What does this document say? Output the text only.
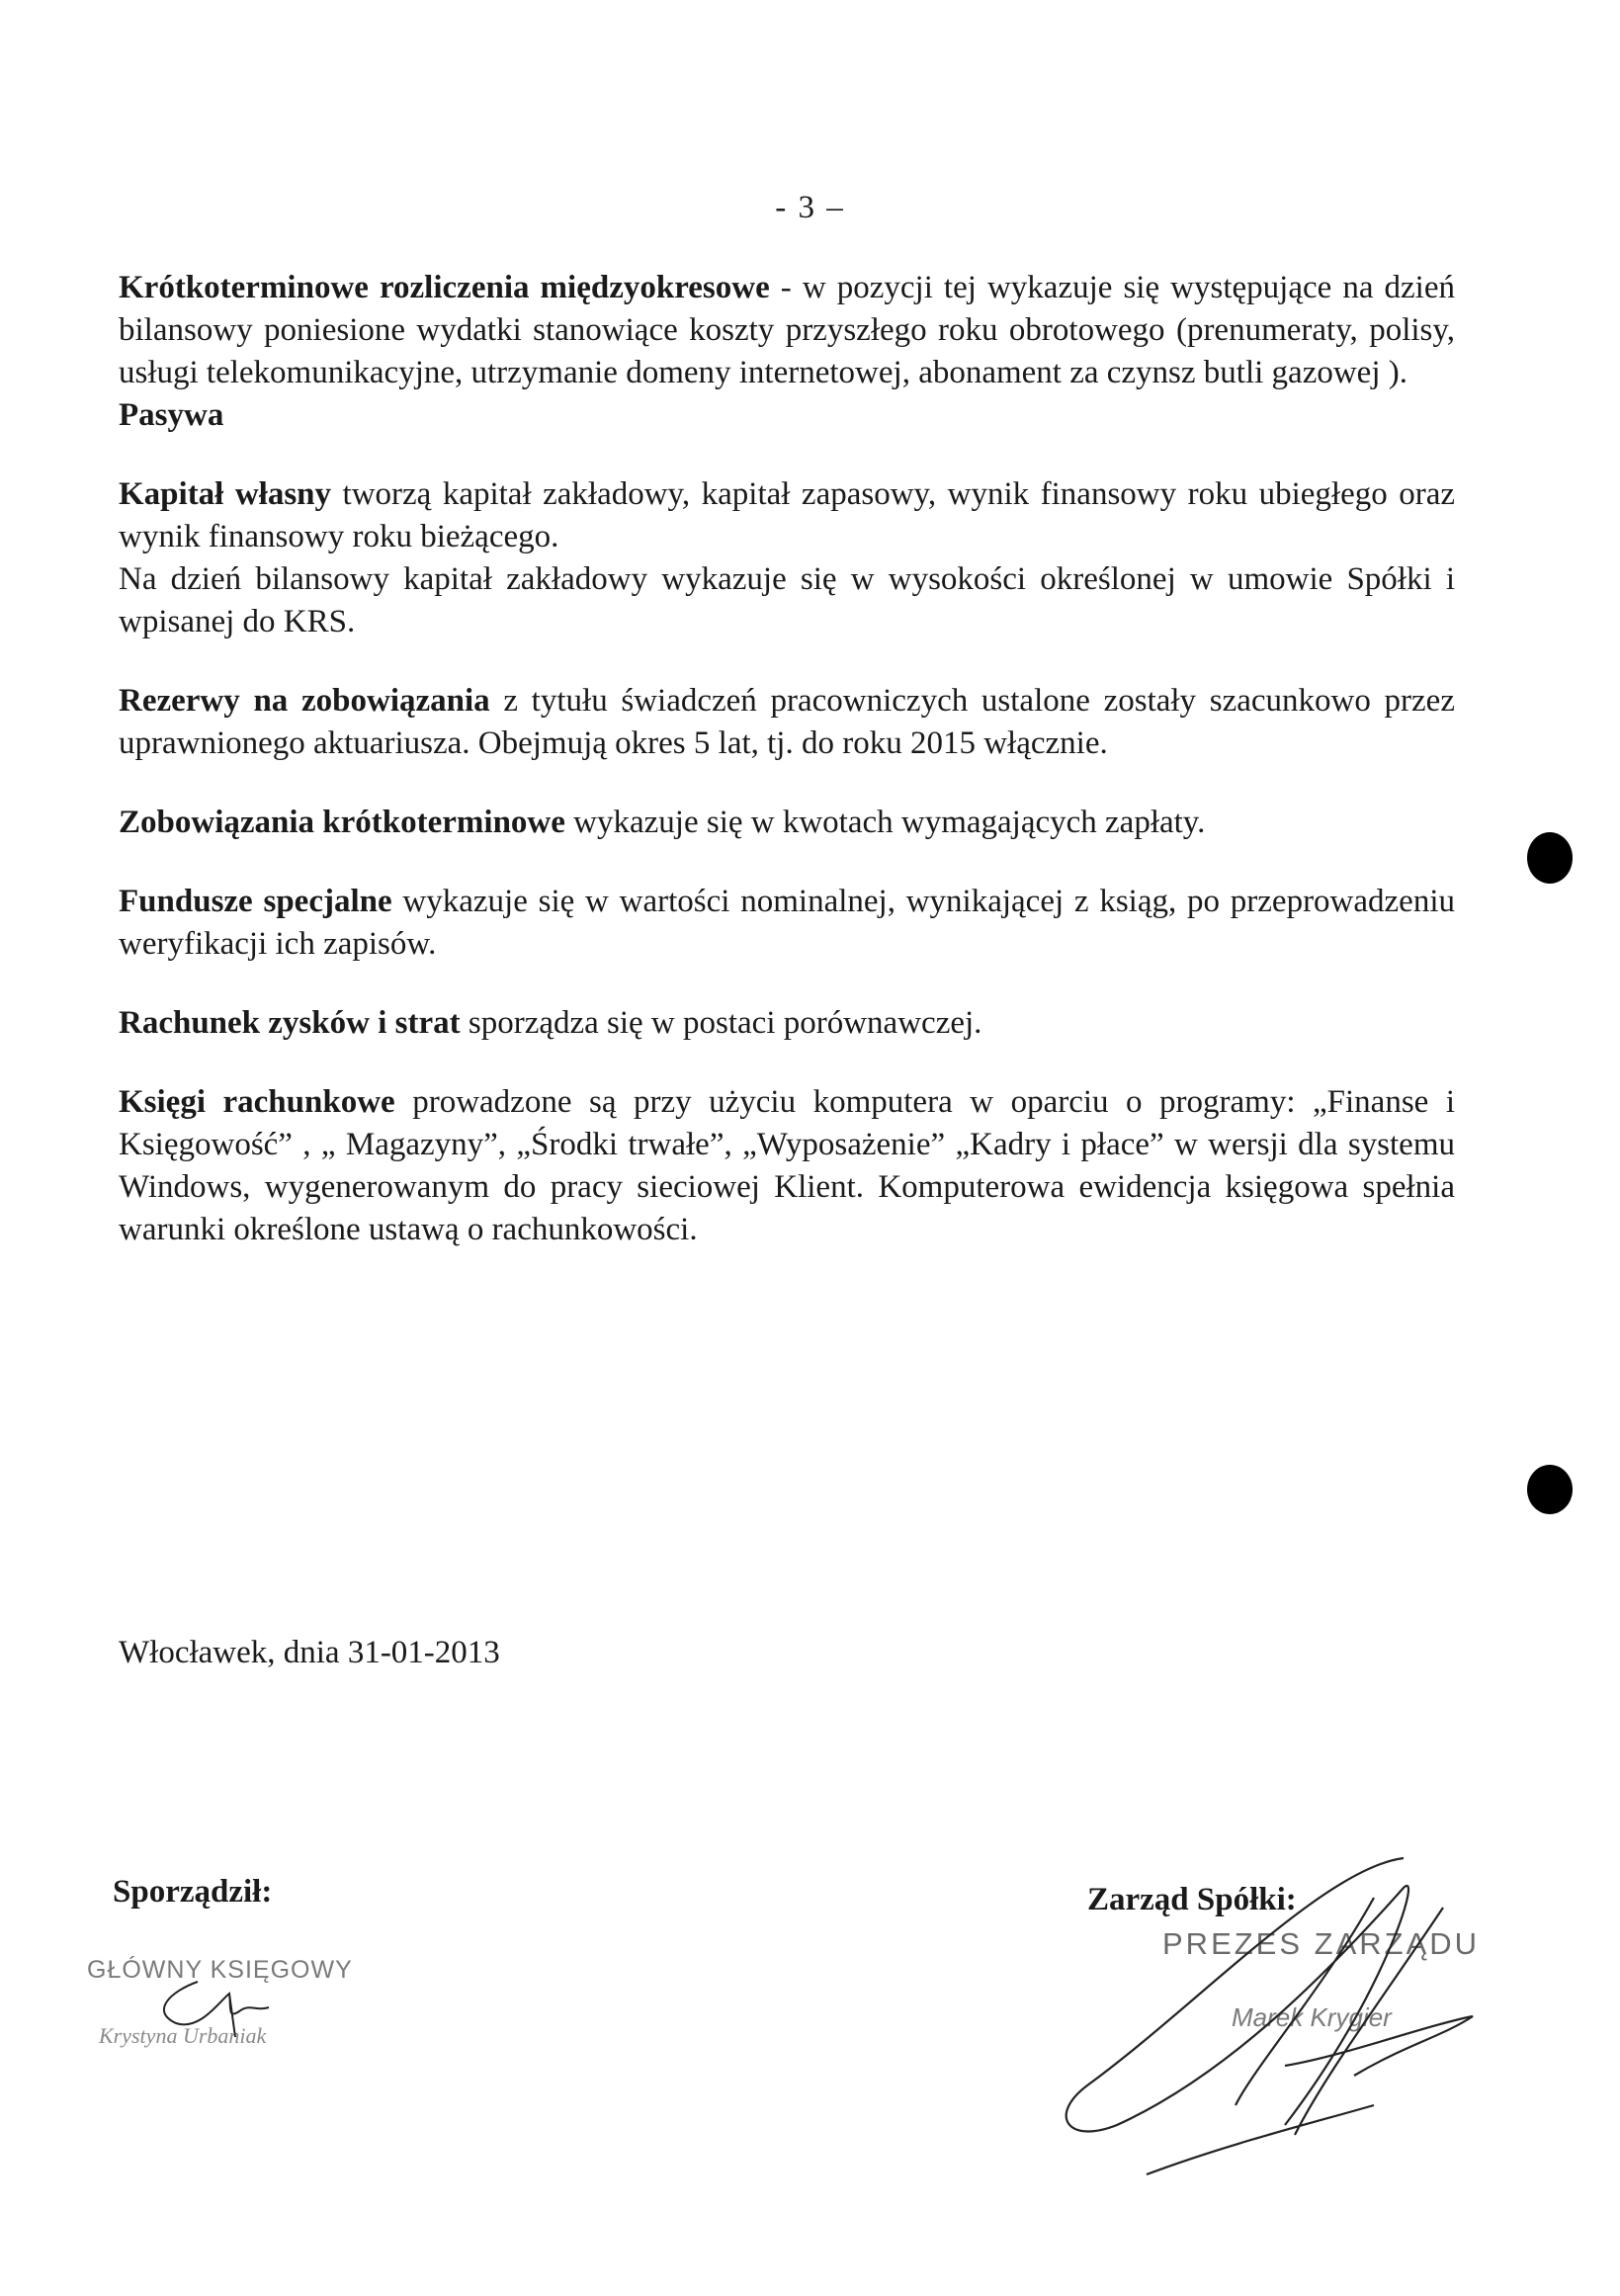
- 3 –

Krótkoterminowe rozliczenia międzyokresowe - w pozycji tej wykazuje się występujące na dzień bilansowy poniesione wydatki stanowiące koszty przyszłego roku obrotowego (prenumeraty, polisy, usługi telekomunikacyjne, utrzymanie domeny internetowej, abonament za czynsz butli gazowej ).

Pasywa

Kapitał własny tworzą kapitał zakładowy, kapitał zapasowy, wynik finansowy roku ubiegłego oraz wynik finansowy roku bieżącego.

Na dzień bilansowy kapitał zakładowy wykazuje się w wysokości określonej w umowie Spółki i wpisanej do KRS.

Rezerwy na zobowiązania z tytułu świadczeń pracowniczych ustalone zostały szacunkowo przez uprawnionego aktuariusza. Obejmują okres 5 lat, tj. do roku 2015 włącznie.

Zobowiązania krótkoterminowe wykazuje się w kwotach wymagających zapłaty.

Fundusze specjalne wykazuje się w wartości nominalnej, wynikającej z ksiąg, po przeprowadzeniu weryfikacji ich zapisów.

Rachunek zysków i strat sporządza się w postaci porównawczej.

Księgi rachunkowe prowadzone są przy użyciu komputera w oparciu o programy: „Finanse i Księgowość” , „ Magazyny”, „Środki trwałe”, „Wyposażenie” „Kadry i płace” w wersji dla systemu Windows, wygenerowanym do pracy sieciowej Klient. Komputerowa ewidencja księgowa spełnia warunki określone ustawą o rachunkowości.

Włocławek, dnia 31-01-2013
Sporządził:	Zarząd Spółki:
GŁÓWNY KSIĘGOWY
Krystyna Urbaniak
PREZES ZARZĄDU
Marek Krygier
